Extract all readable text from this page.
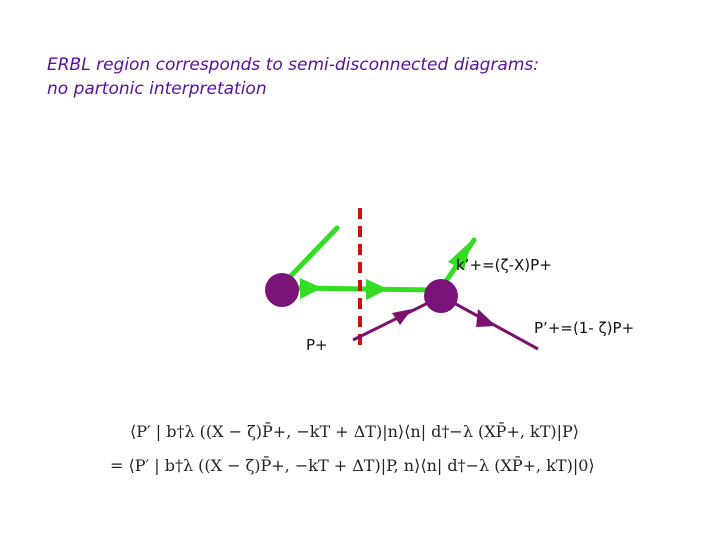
ERBL region corresponds to semi-disconnected diagrams:
no partonic interpretation
k’+=(ζ-X)P+
P+
P’+=(1- ζ)P+
⟨P′ | b†λ ((X − ζ)P̄+, −kT + ΔT)|n⟩⟨n| d†−λ (XP̄+, kT)|P⟩
= ⟨P′ | b†λ ((X − ζ)P̄+, −kT + ΔT)|P, n⟩⟨n| d†−λ (XP̄+, kT)|0⟩
